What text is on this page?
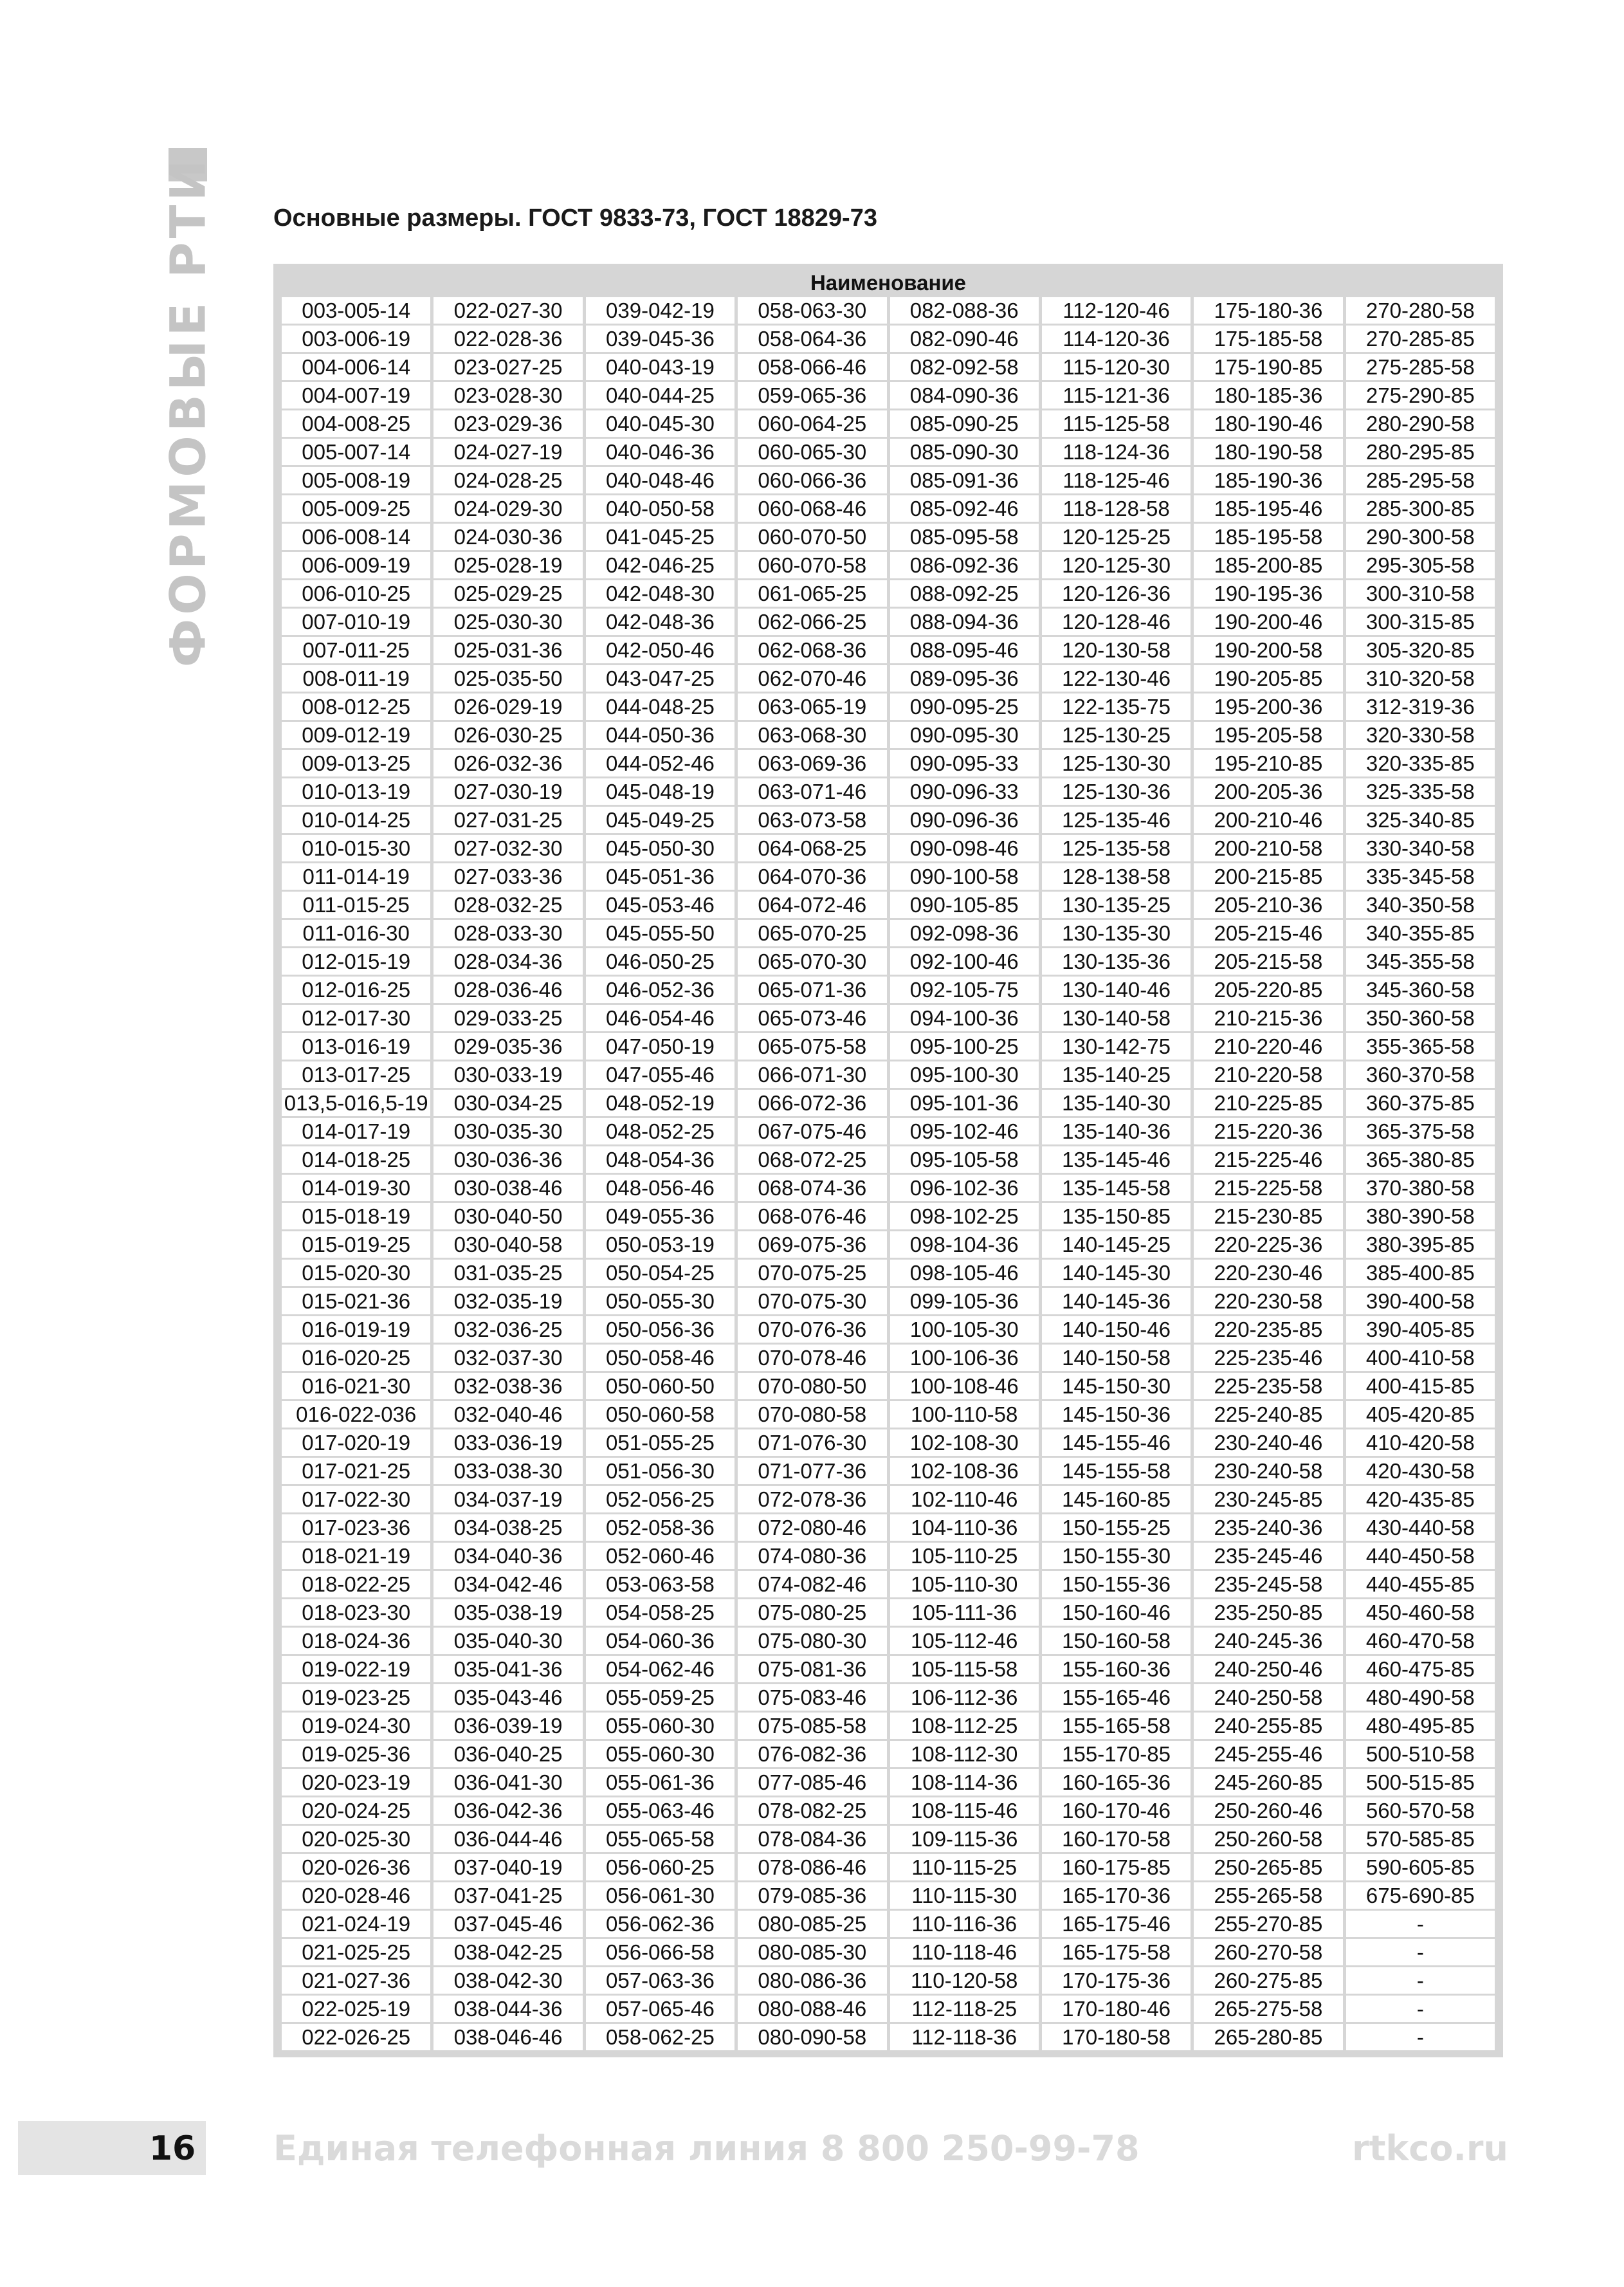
ФОРМОВЫЕ РТИ Основные размеры. ГОСТ 9833-73, ГОСТ 18829-73
Наименование							
003-005-14	022-027-30	039-042-19	058-063-30	082-088-36	112-120-46	175-180-36	270-280-58
003-006-19	022-028-36	039-045-36	058-064-36	082-090-46	114-120-36	175-185-58	270-285-85
004-006-14	023-027-25	040-043-19	058-066-46	082-092-58	115-120-30	175-190-85	275-285-58
004-007-19	023-028-30	040-044-25	059-065-36	084-090-36	115-121-36	180-185-36	275-290-85
004-008-25	023-029-36	040-045-30	060-064-25	085-090-25	115-125-58	180-190-46	280-290-58
005-007-14	024-027-19	040-046-36	060-065-30	085-090-30	118-124-36	180-190-58	280-295-85
005-008-19	024-028-25	040-048-46	060-066-36	085-091-36	118-125-46	185-190-36	285-295-58
005-009-25	024-029-30	040-050-58	060-068-46	085-092-46	118-128-58	185-195-46	285-300-85
006-008-14	024-030-36	041-045-25	060-070-50	085-095-58	120-125-25	185-195-58	290-300-58
006-009-19	025-028-19	042-046-25	060-070-58	086-092-36	120-125-30	185-200-85	295-305-58
006-010-25	025-029-25	042-048-30	061-065-25	088-092-25	120-126-36	190-195-36	300-310-58
007-010-19	025-030-30	042-048-36	062-066-25	088-094-36	120-128-46	190-200-46	300-315-85
007-011-25	025-031-36	042-050-46	062-068-36	088-095-46	120-130-58	190-200-58	305-320-85
008-011-19	025-035-50	043-047-25	062-070-46	089-095-36	122-130-46	190-205-85	310-320-58
008-012-25	026-029-19	044-048-25	063-065-19	090-095-25	122-135-75	195-200-36	312-319-36
009-012-19	026-030-25	044-050-36	063-068-30	090-095-30	125-130-25	195-205-58	320-330-58
009-013-25	026-032-36	044-052-46	063-069-36	090-095-33	125-130-30	195-210-85	320-335-85
010-013-19	027-030-19	045-048-19	063-071-46	090-096-33	125-130-36	200-205-36	325-335-58
010-014-25	027-031-25	045-049-25	063-073-58	090-096-36	125-135-46	200-210-46	325-340-85
010-015-30	027-032-30	045-050-30	064-068-25	090-098-46	125-135-58	200-210-58	330-340-58
011-014-19	027-033-36	045-051-36	064-070-36	090-100-58	128-138-58	200-215-85	335-345-58
011-015-25	028-032-25	045-053-46	064-072-46	090-105-85	130-135-25	205-210-36	340-350-58
011-016-30	028-033-30	045-055-50	065-070-25	092-098-36	130-135-30	205-215-46	340-355-85
012-015-19	028-034-36	046-050-25	065-070-30	092-100-46	130-135-36	205-215-58	345-355-58
012-016-25	028-036-46	046-052-36	065-071-36	092-105-75	130-140-46	205-220-85	345-360-58
012-017-30	029-033-25	046-054-46	065-073-46	094-100-36	130-140-58	210-215-36	350-360-58
013-016-19	029-035-36	047-050-19	065-075-58	095-100-25	130-142-75	210-220-46	355-365-58
013-017-25	030-033-19	047-055-46	066-071-30	095-100-30	135-140-25	210-220-58	360-370-58
013,5-016,5-19	030-034-25	048-052-19	066-072-36	095-101-36	135-140-30	210-225-85	360-375-85
014-017-19	030-035-30	048-052-25	067-075-46	095-102-46	135-140-36	215-220-36	365-375-58
014-018-25	030-036-36	048-054-36	068-072-25	095-105-58	135-145-46	215-225-46	365-380-85
014-019-30	030-038-46	048-056-46	068-074-36	096-102-36	135-145-58	215-225-58	370-380-58
015-018-19	030-040-50	049-055-36	068-076-46	098-102-25	135-150-85	215-230-85	380-390-58
015-019-25	030-040-58	050-053-19	069-075-36	098-104-36	140-145-25	220-225-36	380-395-85
015-020-30	031-035-25	050-054-25	070-075-25	098-105-46	140-145-30	220-230-46	385-400-85
015-021-36	032-035-19	050-055-30	070-075-30	099-105-36	140-145-36	220-230-58	390-400-58
016-019-19	032-036-25	050-056-36	070-076-36	100-105-30	140-150-46	220-235-85	390-405-85
016-020-25	032-037-30	050-058-46	070-078-46	100-106-36	140-150-58	225-235-46	400-410-58
016-021-30	032-038-36	050-060-50	070-080-50	100-108-46	145-150-30	225-235-58	400-415-85
016-022-036	032-040-46	050-060-58	070-080-58	100-110-58	145-150-36	225-240-85	405-420-85
017-020-19	033-036-19	051-055-25	071-076-30	102-108-30	145-155-46	230-240-46	410-420-58
017-021-25	033-038-30	051-056-30	071-077-36	102-108-36	145-155-58	230-240-58	420-430-58
017-022-30	034-037-19	052-056-25	072-078-36	102-110-46	145-160-85	230-245-85	420-435-85
017-023-36	034-038-25	052-058-36	072-080-46	104-110-36	150-155-25	235-240-36	430-440-58
018-021-19	034-040-36	052-060-46	074-080-36	105-110-25	150-155-30	235-245-46	440-450-58
018-022-25	034-042-46	053-063-58	074-082-46	105-110-30	150-155-36	235-245-58	440-455-85
018-023-30	035-038-19	054-058-25	075-080-25	105-111-36	150-160-46	235-250-85	450-460-58
018-024-36	035-040-30	054-060-36	075-080-30	105-112-46	150-160-58	240-245-36	460-470-58
019-022-19	035-041-36	054-062-46	075-081-36	105-115-58	155-160-36	240-250-46	460-475-85
019-023-25	035-043-46	055-059-25	075-083-46	106-112-36	155-165-46	240-250-58	480-490-58
019-024-30	036-039-19	055-060-30	075-085-58	108-112-25	155-165-58	240-255-85	480-495-85
019-025-36	036-040-25	055-060-30	076-082-36	108-112-30	155-170-85	245-255-46	500-510-58
020-023-19	036-041-30	055-061-36	077-085-46	108-114-36	160-165-36	245-260-85	500-515-85
020-024-25	036-042-36	055-063-46	078-082-25	108-115-46	160-170-46	250-260-46	560-570-58
020-025-30	036-044-46	055-065-58	078-084-36	109-115-36	160-170-58	250-260-58	570-585-85
020-026-36	037-040-19	056-060-25	078-086-46	110-115-25	160-175-85	250-265-85	590-605-85
020-028-46	037-041-25	056-061-30	079-085-36	110-115-30	165-170-36	255-265-58	675-690-85
021-024-19	037-045-46	056-062-36	080-085-25	110-116-36	165-175-46	255-270-85	-
021-025-25	038-042-25	056-066-58	080-085-30	110-118-46	165-175-58	260-270-58	-
021-027-36	038-042-30	057-063-36	080-086-36	110-120-58	170-175-36	260-275-85	-
022-025-19	038-044-36	057-065-46	080-088-46	112-118-25	170-180-46	265-275-58	-
022-026-25	038-046-46	058-062-25	080-090-58	112-118-36	170-180-58	265-280-85	-
16 Единая телефонная линия 8 800 250-99-78	rtkco.ru
